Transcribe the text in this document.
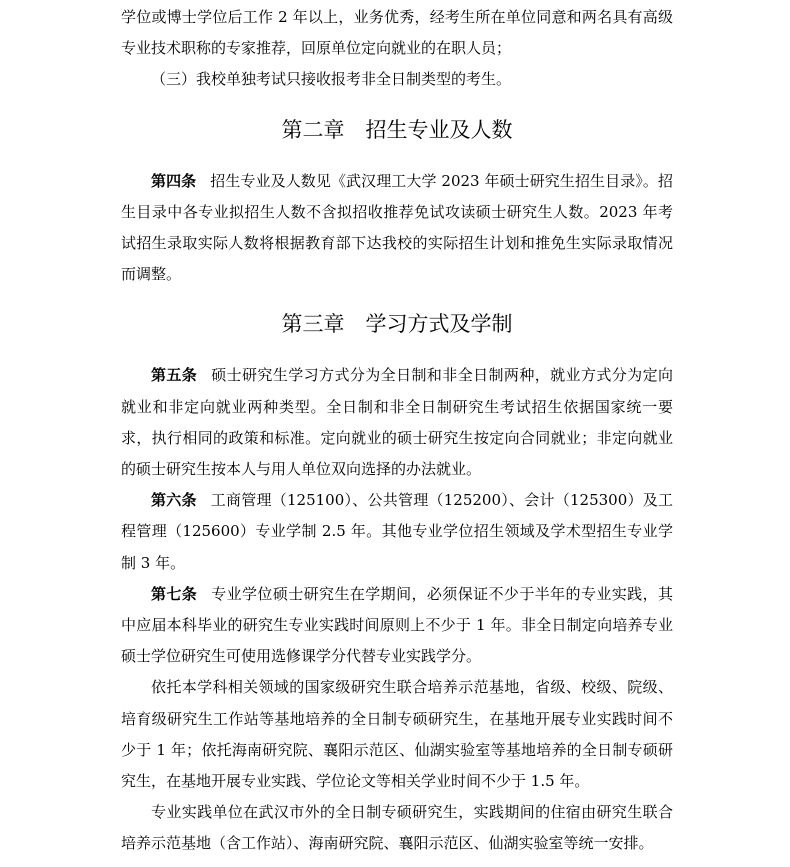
学位或博士学位后工作 2 年以上，业务优秀，经考生所在单位同意和两名具有高级专业技术职称的专家推荐，回原单位定向就业的在职人员；

（三）我校单独考试只接收报考非全日制类型的考生。

第二章　招生专业及人数

第四条 招生专业及人数见《武汉理工大学 2023 年硕士研究生招生目录》。招生目录中各专业拟招生人数不含拟招收推荐免试攻读硕士研究生人数。2023 年考试招生录取实际人数将根据教育部下达我校的实际招生计划和推免生实际录取情况而调整。

第三章　学习方式及学制

第五条 硕士研究生学习方式分为全日制和非全日制两种，就业方式分为定向就业和非定向就业两种类型。全日制和非全日制研究生考试招生依据国家统一要求，执行相同的政策和标准。定向就业的硕士研究生按定向合同就业；非定向就业的硕士研究生按本人与用人单位双向选择的办法就业。

第六条 工商管理（125100）、公共管理（125200）、会计（125300）及工程管理（125600）专业学制 2.5 年。其他专业学位招生领域及学术型招生专业学制 3 年。

第七条 专业学位硕士研究生在学期间，必须保证不少于半年的专业实践，其中应届本科毕业的研究生专业实践时间原则上不少于 1 年。非全日制定向培养专业硕士学位研究生可使用选修课学分代替专业实践学分。

依托本学科相关领域的国家级研究生联合培养示范基地，省级、校级、院级、培育级研究生工作站等基地培养的全日制专硕研究生，在基地开展专业实践时间不少于 1 年；依托海南研究院、襄阳示范区、仙湖实验室等基地培养的全日制专硕研究生，在基地开展专业实践、学位论文等相关学业时间不少于 1.5 年。

专业实践单位在武汉市外的全日制专硕研究生，实践期间的住宿由研究生联合培养示范基地（含工作站）、海南研究院、襄阳示范区、仙湖实验室等统一安排。
